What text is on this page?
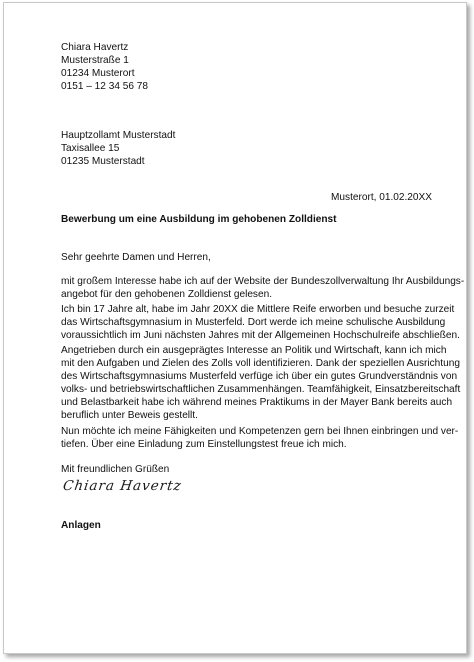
Chiara Havertz
Musterstraße 1
01234 Musterort
0151 – 12 34 56 78
Hauptzollamt Musterstadt
Taxisallee 15
01235 Musterstadt
Musterort, 01.02.20XX
Bewerbung um eine Ausbildung im gehobenen Zolldienst
Sehr geehrte Damen und Herren,
mit großem Interesse habe ich auf der Website der Bundeszollverwaltung Ihr Ausbildungs-
angebot für den gehobenen Zolldienst gelesen.
Ich bin 17 Jahre alt, habe im Jahr 20XX die Mittlere Reife erworben und besuche zurzeit
das Wirtschaftsgymnasium in Musterfeld. Dort werde ich meine schulische Ausbildung
voraussichtlich im Juni nächsten Jahres mit der Allgemeinen Hochschulreife abschließen.
Angetrieben durch ein ausgeprägtes Interesse an Politik und Wirtschaft, kann ich mich
mit den Aufgaben und Zielen des Zolls voll identifizieren. Dank der speziellen Ausrichtung
des Wirtschaftsgymnasiums Musterfeld verfüge ich über ein gutes Grundverständnis von
volks- und betriebswirtschaftlichen Zusammenhängen. Teamfähigkeit, Einsatzbereitschaft
und Belastbarkeit habe ich während meines Praktikums in der Mayer Bank bereits auch
beruflich unter Beweis gestellt.
Nun möchte ich meine Fähigkeiten und Kompetenzen gern bei Ihnen einbringen und ver-
tiefen. Über eine Einladung zum Einstellungstest freue ich mich.
Mit freundlichen Grüßen
Chiara Havertz
Anlagen
